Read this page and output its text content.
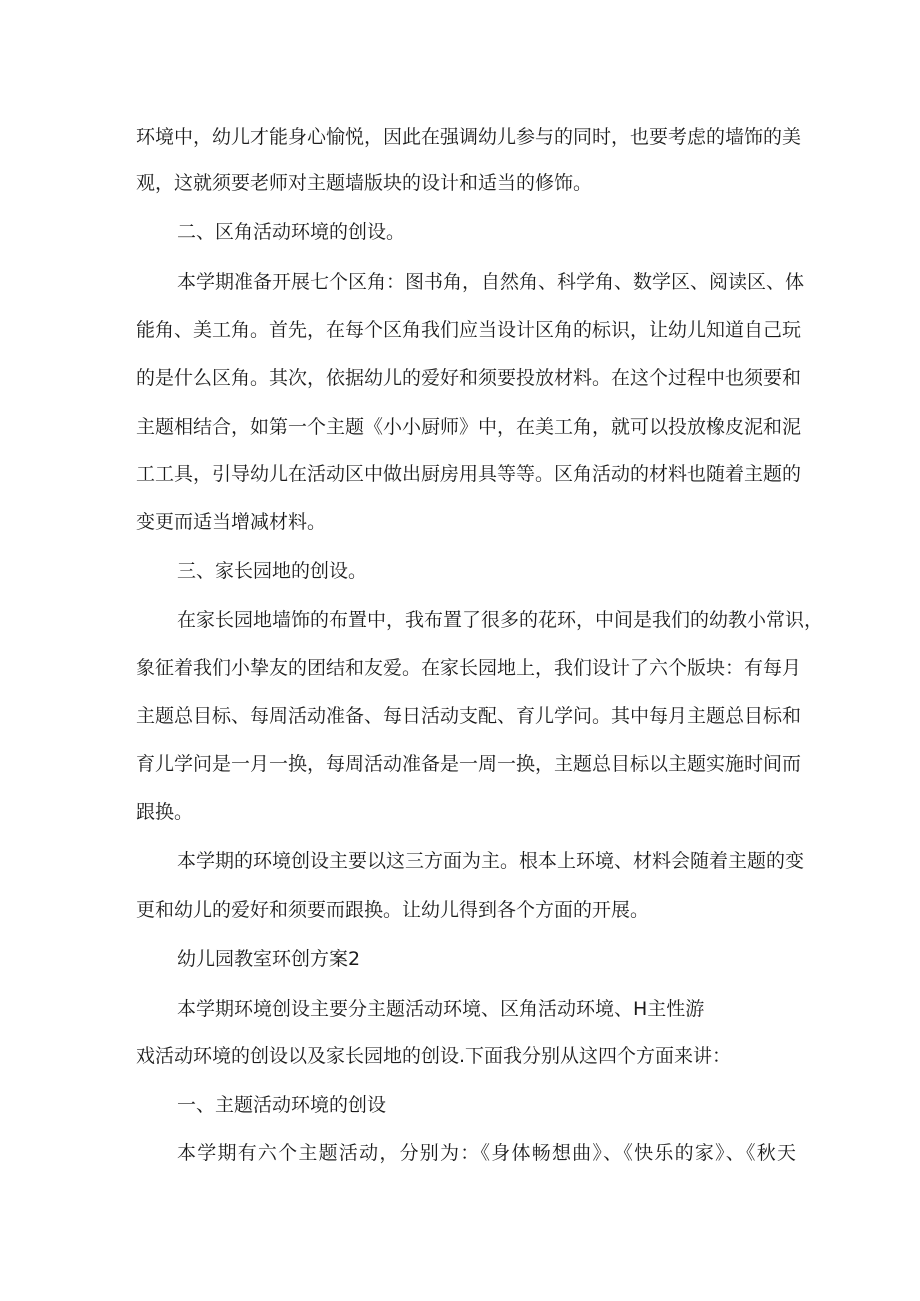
环境中，幼儿才能身心愉悦，因此在强调幼儿参与的同时，也要考虑的墙饰的美
观，这就须要老师对主题墙版块的设计和适当的修饰。
二、区角活动环境的创设。
本学期准备开展七个区角：图书角，自然角、科学角、数学区、阅读区、体
能角、美工角。首先，在每个区角我们应当设计区角的标识，让幼儿知道自己玩
的是什么区角。其次，依据幼儿的爱好和须要投放材料。在这个过程中也须要和
主题相结合，如第一个主题《小小厨师》中，在美工角，就可以投放橡皮泥和泥
工工具，引导幼儿在活动区中做出厨房用具等等。区角活动的材料也随着主题的
变更而适当增减材料。
三、家长园地的创设。
在家长园地墙饰的布置中，我布置了很多的花环，中间是我们的幼教小常识，
象征着我们小挚友的团结和友爱。在家长园地上，我们设计了六个版块：有每月
主题总目标、每周活动准备、每日活动支配、育儿学问。其中每月主题总目标和
育儿学问是一月一换，每周活动准备是一周一换，主题总目标以主题实施时间而
跟换。
本学期的环境创设主要以这三方面为主。根本上环境、材料会随着主题的变
更和幼儿的爱好和须要而跟换。让幼儿得到各个方面的开展。
幼儿园教室环创方案2
本学期环境创设主要分主题活动环境、区角活动环境、H主性游
戏活动环境的创设以及家长园地的创设.下面我分别从这四个方面来讲：
一、主题活动环境的创设
本学期有六个主题活动，分别为：《身体畅想曲》、《快乐的家》、《秋天
